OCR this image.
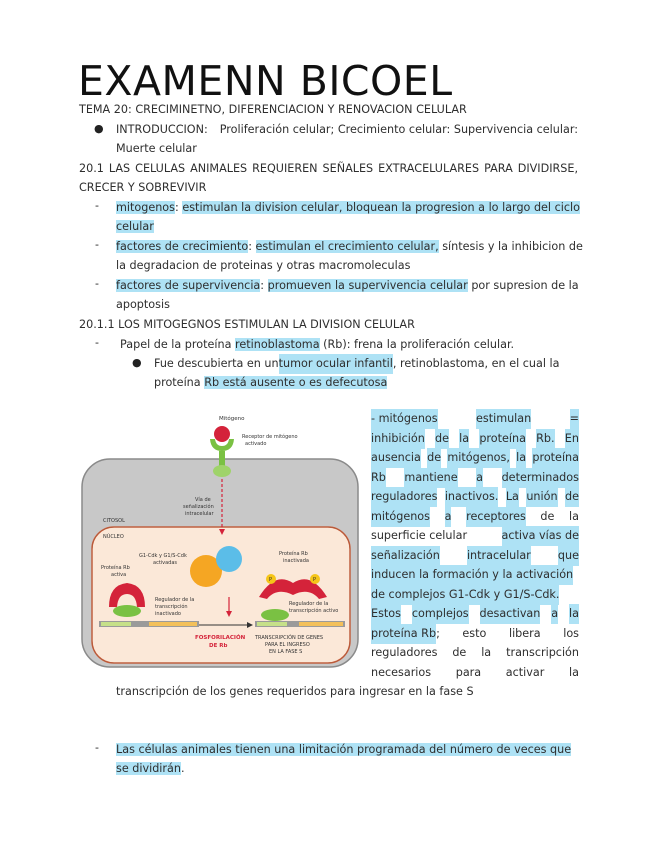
EXAMENN BICOEL
TEMA 20: CRECIMINETNO, DIFERENCIACION Y RENOVACION CELULAR
● INTRODUCCION: Proliferación celular; Crecimiento celular: Supervivencia celular:
Muerte celular
20.1 LAS CELULAS ANIMALES REQUIEREN SEÑALES EXTRACELULARES PARA DIVIDIRSE,
CRECER Y SOBREVIVIR
- mitogenos: estimulan la division celular, bloquean la progresion a lo largo del ciclo
celular
- factores de crecimiento: estimulan el crecimiento celular, síntesis y la inhibicion de
la degradacion de proteinas y otras macromoleculas
- factores de supervivencia: promueven la supervivencia celular por supresion de la
apoptosis
20.1.1 LOS MITOGEGNOS ESTIMULAN LA DIVISION CELULAR
- Papel de la proteína retinoblastoma (Rb): frena la proliferación celular.
● Fue descubierta en un tumor ocular infantil , retinoblastoma, en el cual la
proteína Rb está ausente o es defecutosa
Mitógeno
Receptor de mitógeno
activado
Vía de
señalización
intracelular
CITOSOL
NÚCLEO
G1-Cdk y G1/S-Cdk
activadas
Proteína Rb
activa
Regulador de la
transcripción
inactivado
FOSFORILACIÓN
DE Rb
Proteína Rb
inactivada
P	P
Regulador de la
transcripción activo
TRANSCRIPCIÓN DE GENES
PARA EL INGRESO
EN LA FASE S
- mitógenos	estimulan	=
inhibición de la proteína Rb. En
ausencia de mitógenos, la proteína
Rb mantiene a determinados
reguladores inactivos. La unión de
mitógenos a receptores de la
superficie celular	activa vías de
señalización intracelular que
inducen la formación y la activación
de complejos G1-Cdk y G1/S-Cdk.
Estos complejos desactivan a la
proteína Rb ; esto libera los
reguladores de la transcripción
necesarios para activar la
transcripción de los genes requeridos para ingresar en la fase S
- Las células animales tienen una limitación programada del número de veces que
se dividirán.
